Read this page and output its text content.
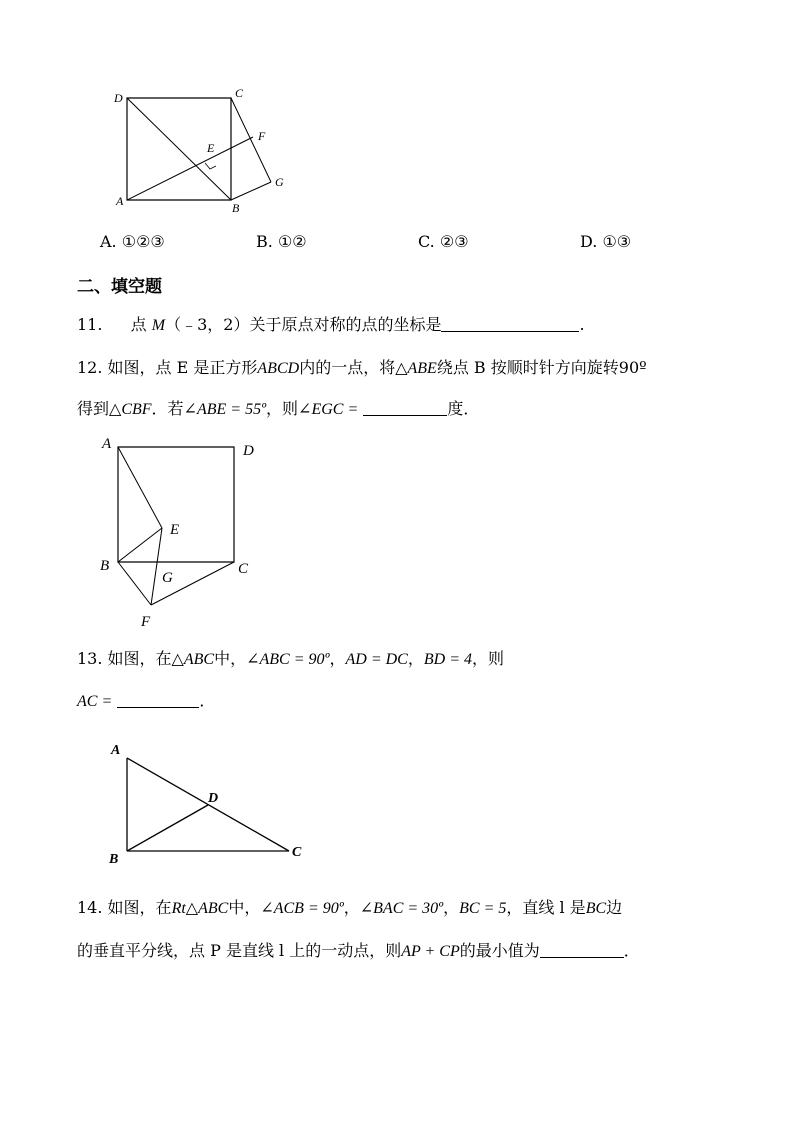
D	C
F
E
G
A	B
A. ①②③	B. ①②	C. ②③	D. ①③
二、填空题
11. 点 M（﹣3，2）关于原点对称的点的坐标是	.
12. 如图，点 E 是正方形ABCD内的一点，将△ABE绕点 B 按顺时针方向旋转90º
得到△CBF．若∠ABE = 55º，则∠EGC =	度．
A	D
E
B	C
G
F
13. 如图，在△ABC中，∠ABC = 90º，AD = DC，BD = 4，则
AC =	．
A
D
B	C
14. 如图，在Rt△ABC中，∠ACB = 90º，∠BAC = 30º，BC = 5，直线 l 是BC边
的垂直平分线，点 P 是直线 l 上的一动点，则AP + CP的最小值为	．
